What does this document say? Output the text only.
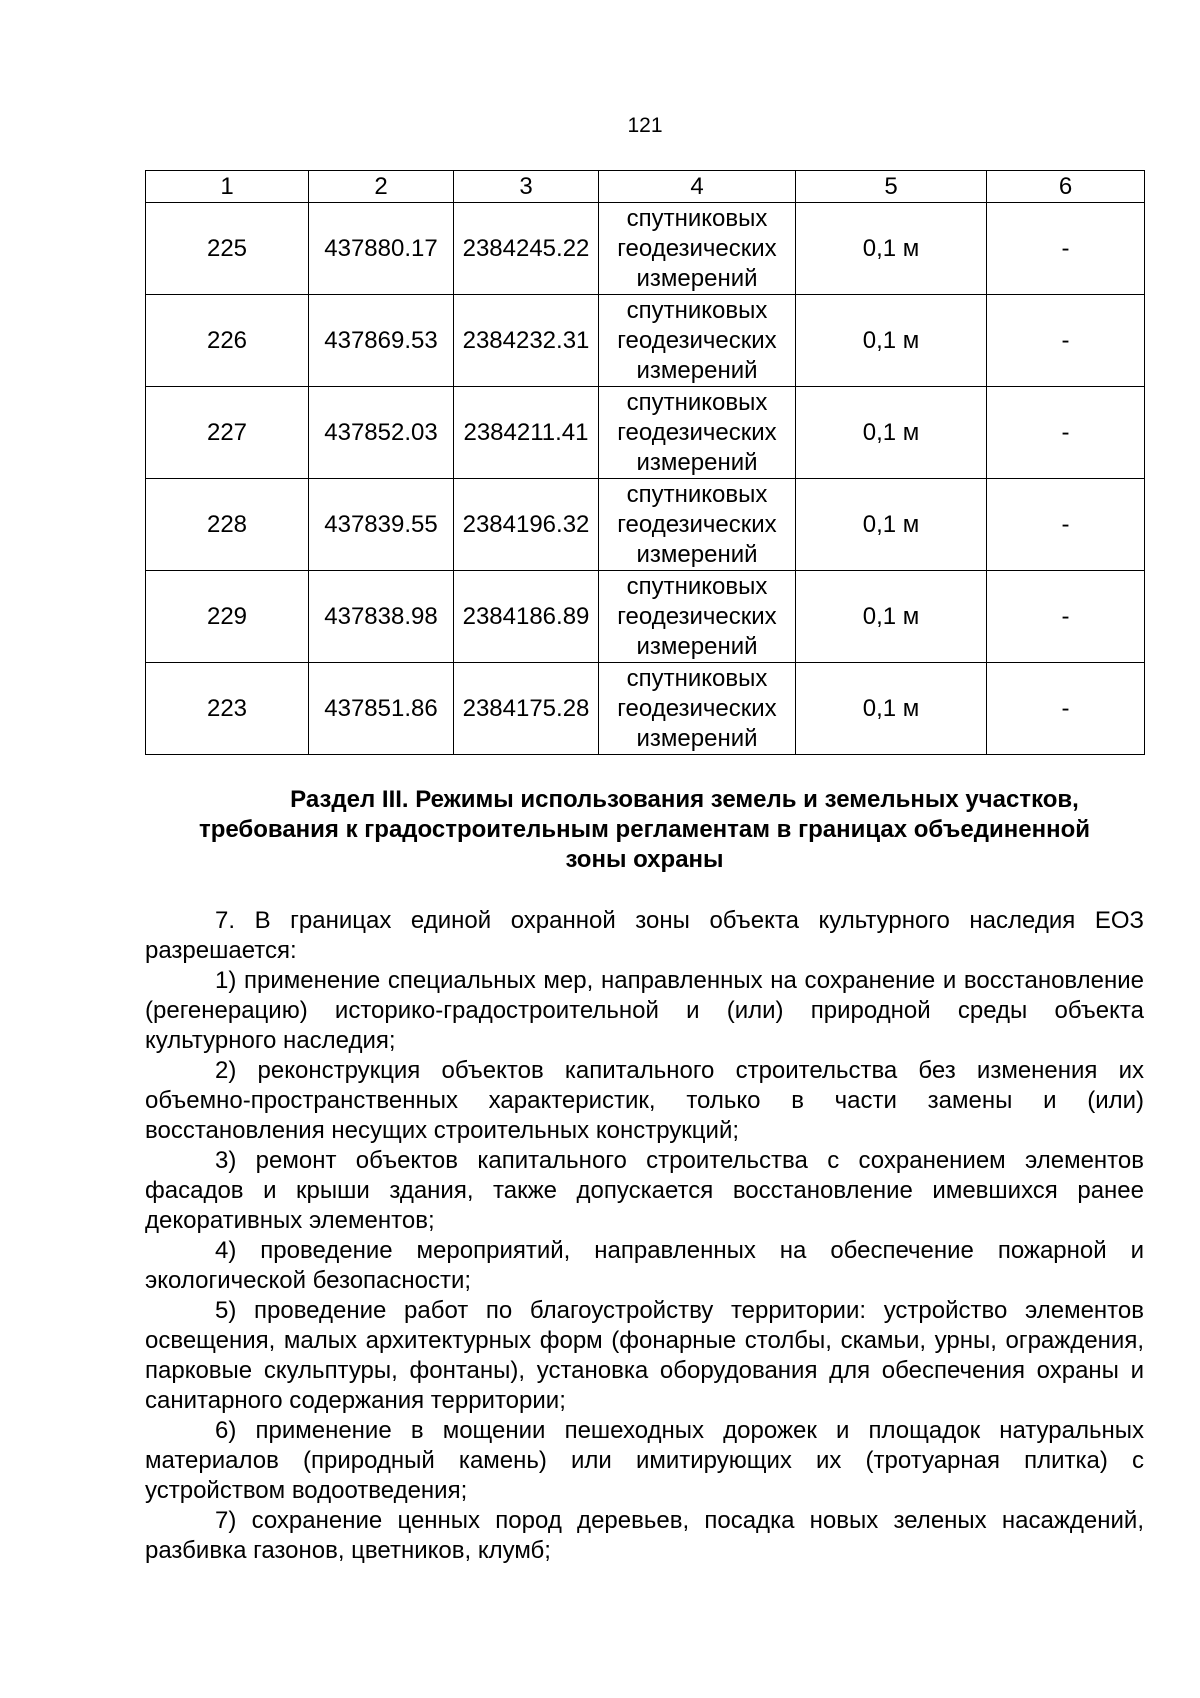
121
1	2	3	4	5	6
225	437880.17	2384245.22	спутниковых геодезических измерений	0,1 м	-
226	437869.53	2384232.31	спутниковых геодезических измерений	0,1 м	-
227	437852.03	2384211.41	спутниковых геодезических измерений	0,1 м	-
228	437839.55	2384196.32	спутниковых геодезических измерений	0,1 м	-
229	437838.98	2384186.89	спутниковых геодезических измерений	0,1 м	-
223	437851.86	2384175.28	спутниковых геодезических измерений	0,1 м	-
Раздел III. Режимы использования земель и земельных участков,
требования к градостроительным регламентам в границах объединенной
зоны охраны

7. В границах единой охранной зоны объекта культурного наследия ЕОЗ разрешается:

1) применение специальных мер, направленных на сохранение и восстановление (регенерацию) историко-градостроительной и (или) природной среды объекта культурного наследия;

2) реконструкция объектов капитального строительства без изменения их объемно-пространственных характеристик, только в части замены и (или) восстановления несущих строительных конструкций;

3) ремонт объектов капитального строительства с сохранением элементов фасадов и крыши здания, также допускается восстановление имевшихся ранее декоративных элементов;

4) проведение мероприятий, направленных на обеспечение пожарной и экологической безопасности;

5) проведение работ по благоустройству территории: устройство элементов освещения, малых архитектурных форм (фонарные столбы, скамьи, урны, ограждения, парковые скульптуры, фонтаны), установка оборудования для обеспечения охраны и санитарного содержания территории;

6) применение в мощении пешеходных дорожек и площадок натуральных материалов (природный камень) или имитирующих их (тротуарная плитка) с устройством водоотведения;

7) сохранение ценных пород деревьев, посадка новых зеленых насаждений, разбивка газонов, цветников, клумб;
